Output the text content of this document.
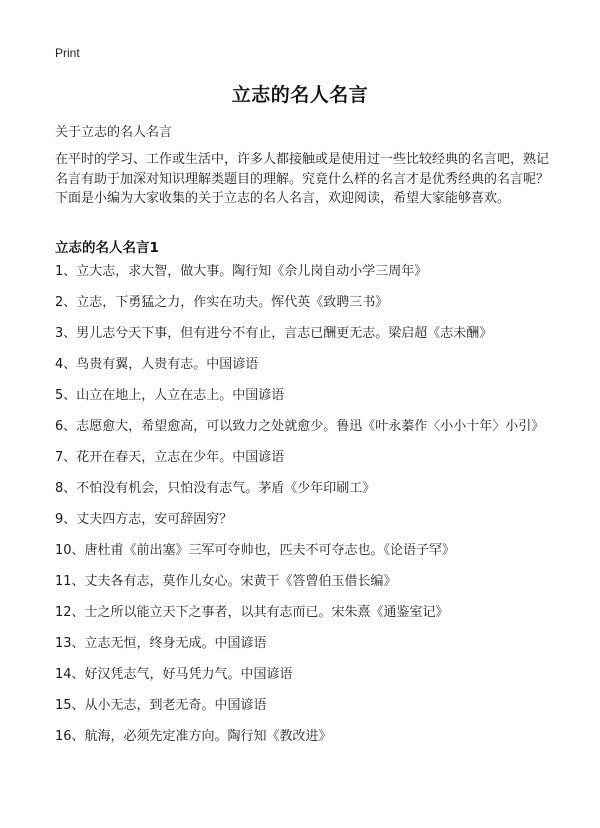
Print
立志的名人名言
关于立志的名人名言

在平时的学习、工作或生活中，许多人都接触或是使用过一些比较经典的名言吧，熟记名言有助于加深对知识理解类题目的理解。究竟什么样的名言才是优秀经典的名言呢？下面是小编为大家收集的关于立志的名人名言，欢迎阅读，希望大家能够喜欢。

立志的名人名言1
1、立大志，求大智，做大事。陶行知《佘儿岗自动小学三周年》
2、立志，下勇猛之力，作实在功夫。恽代英《致聘三书》
3、男儿志兮天下事，但有进兮不有止，言志已酬更无志。梁启超《志未酬》
4、鸟贵有翼，人贵有志。中国谚语
5、山立在地上，人立在志上。中国谚语
6、志愿愈大，希望愈高，可以致力之处就愈少。鲁迅《叶永蓁作〈小小十年〉小引》
7、花开在春天，立志在少年。中国谚语
8、不怕没有机会，只怕没有志气。茅盾《少年印刷工》
9、丈夫四方志，安可辞固穷？
10、唐杜甫《前出塞》三军可夺帅也，匹夫不可夺志也。《论语子罕》
11、丈夫各有志，莫作儿女心。宋黄干《答曾伯玉借长编》
12、士之所以能立天下之事者，以其有志而已。宋朱熹《通鉴室记》
13、立志无恒，终身无成。中国谚语
14、好汉凭志气，好马凭力气。中国谚语
15、从小无志，到老无奇。中国谚语
16、航海，必须先定准方向。陶行知《教改进》
